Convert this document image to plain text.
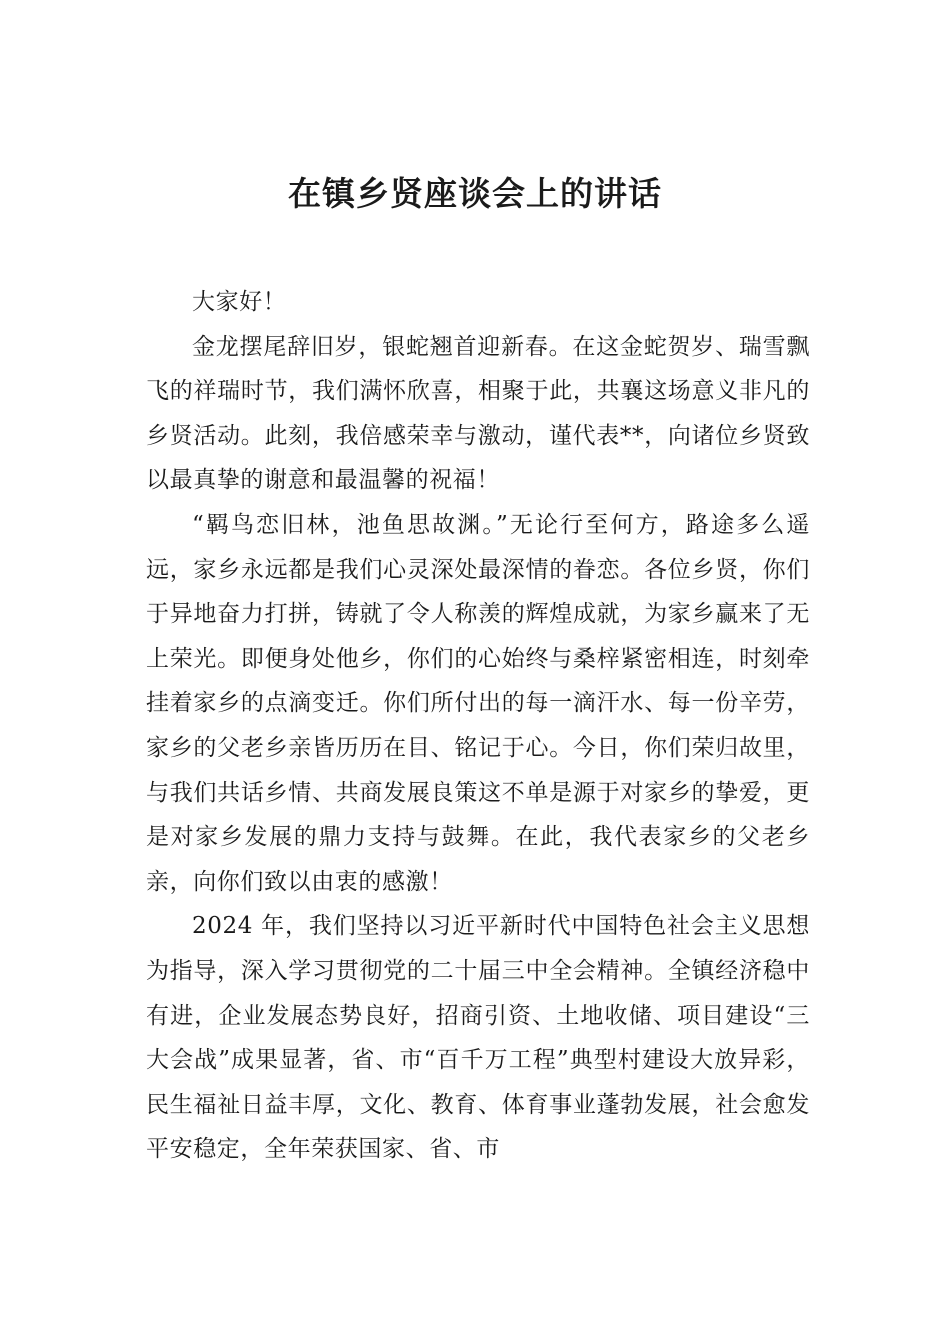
在镇乡贤座谈会上的讲话

大家好！

金龙摆尾辞旧岁，银蛇翘首迎新春。在这金蛇贺岁、瑞雪飘飞的祥瑞时节，我们满怀欣喜，相聚于此，共襄这场意义非凡的乡贤活动。此刻，我倍感荣幸与激动，谨代表**，向诸位乡贤致以最真挚的谢意和最温馨的祝福！

“羁鸟恋旧林，池鱼思故渊。”无论行至何方，路途多么遥远，家乡永远都是我们心灵深处最深情的眷恋。各位乡贤，你们于异地奋力打拼，铸就了令人称羡的辉煌成就，为家乡赢来了无上荣光。即便身处他乡，你们的心始终与桑梓紧密相连，时刻牵挂着家乡的点滴变迁。你们所付出的每一滴汗水、每一份辛劳，家乡的父老乡亲皆历历在目、铭记于心。今日，你们荣归故里，与我们共话乡情、共商发展良策这不单是源于对家乡的挚爱，更是对家乡发展的鼎力支持与鼓舞。在此，我代表家乡的父老乡亲，向你们致以由衷的感激！

2024 年，我们坚持以习近平新时代中国特色社会主义思想为指导，深入学习贯彻党的二十届三中全会精神。全镇经济稳中有进，企业发展态势良好，招商引资、土地收储、项目建设“三大会战”成果显著，省、市“百千万工程”典型村建设大放异彩，民生福祉日益丰厚，文化、教育、体育事业蓬勃发展，社会愈发平安稳定，全年荣获国家、省、市
